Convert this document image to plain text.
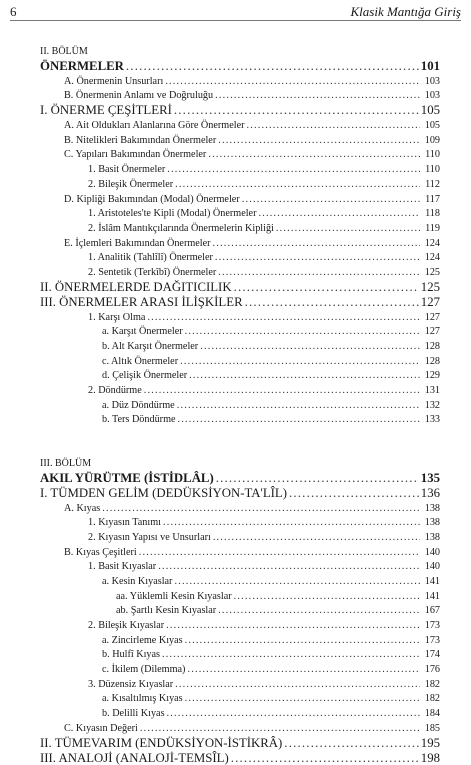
6	Klasik Mantığa Giriş
II. BÖLÜM
ÖNERMELER .....	101
A. Önermenin Unsurları .....	103
B. Önermenin Anlamı ve Doğruluğu .....	103
I. ÖNERME ÇEŞİTLERİ .....	105
A. Ait Oldukları Alanlarına Göre Önermeler .....	105
B. Nitelikleri Bakımından Önermeler .....	109
C. Yapıları Bakımından Önermeler .....	110
1. Basit Önermeler .....	110
2. Bileşik Önermeler .....	112
D. Kipliği Bakımından (Modal) Önermeler .....	117
1. Aristoteles'te Kipli (Modal) Önermeler .....	118
2. İslâm Mantıkçılarında Önermelerin Kipliği .....	119
E. İçlemleri Bakımından Önermeler .....	124
1. Analitik (Tahlîlî) Önermeler .....	124
2. Sentetik (Terkîbî) Önermeler .....	125
II. ÖNERMELERDE DAĞITICILIK .....	125
III. ÖNERMELER ARASI İLİŞKİLER .....	127
1. Karşı Olma .....	127
a. Karşıt Önermeler .....	127
b. Alt Karşıt Önermeler .....	128
c. Altık Önermeler .....	128
d. Çelişik Önermeler .....	129
2. Döndürme .....	131
a. Düz Döndürme .....	132
b. Ters Döndürme .....	133
III. BÖLÜM
AKIL YÜRÜTME (İSTİDLÂL) .....	135
I. TÜMDEN GELİM (DEDÜKSİYON-TA'LÎL) .....	136
A. Kıyas .....	138
1. Kıyasın Tanımı .....	138
2. Kıyasın Yapısı ve Unsurları .....	138
B. Kıyas Çeşitleri .....	140
1. Basit Kıyaslar .....	140
a. Kesin Kıyaslar .....	141
aa. Yüklemli Kesin Kıyaslar .....	141
ab. Şartlı Kesin Kıyaslar .....	167
2. Bileşik Kıyaslar .....	173
a. Zincirleme Kıyas .....	173
b. Hulfî Kıyas .....	174
c. İkilem (Dilemma) .....	176
3. Düzensiz Kıyaslar .....	182
a. Kısaltılmış Kıyas .....	182
b. Delilli Kıyas .....	184
C. Kıyasın Değeri .....	185
II. TÜMEVARIM (ENDÜKSİYON-İSTİKRÂ) .....	195
III. ANALOJİ (ANALOJİ-TEMSÎL) .....	198
